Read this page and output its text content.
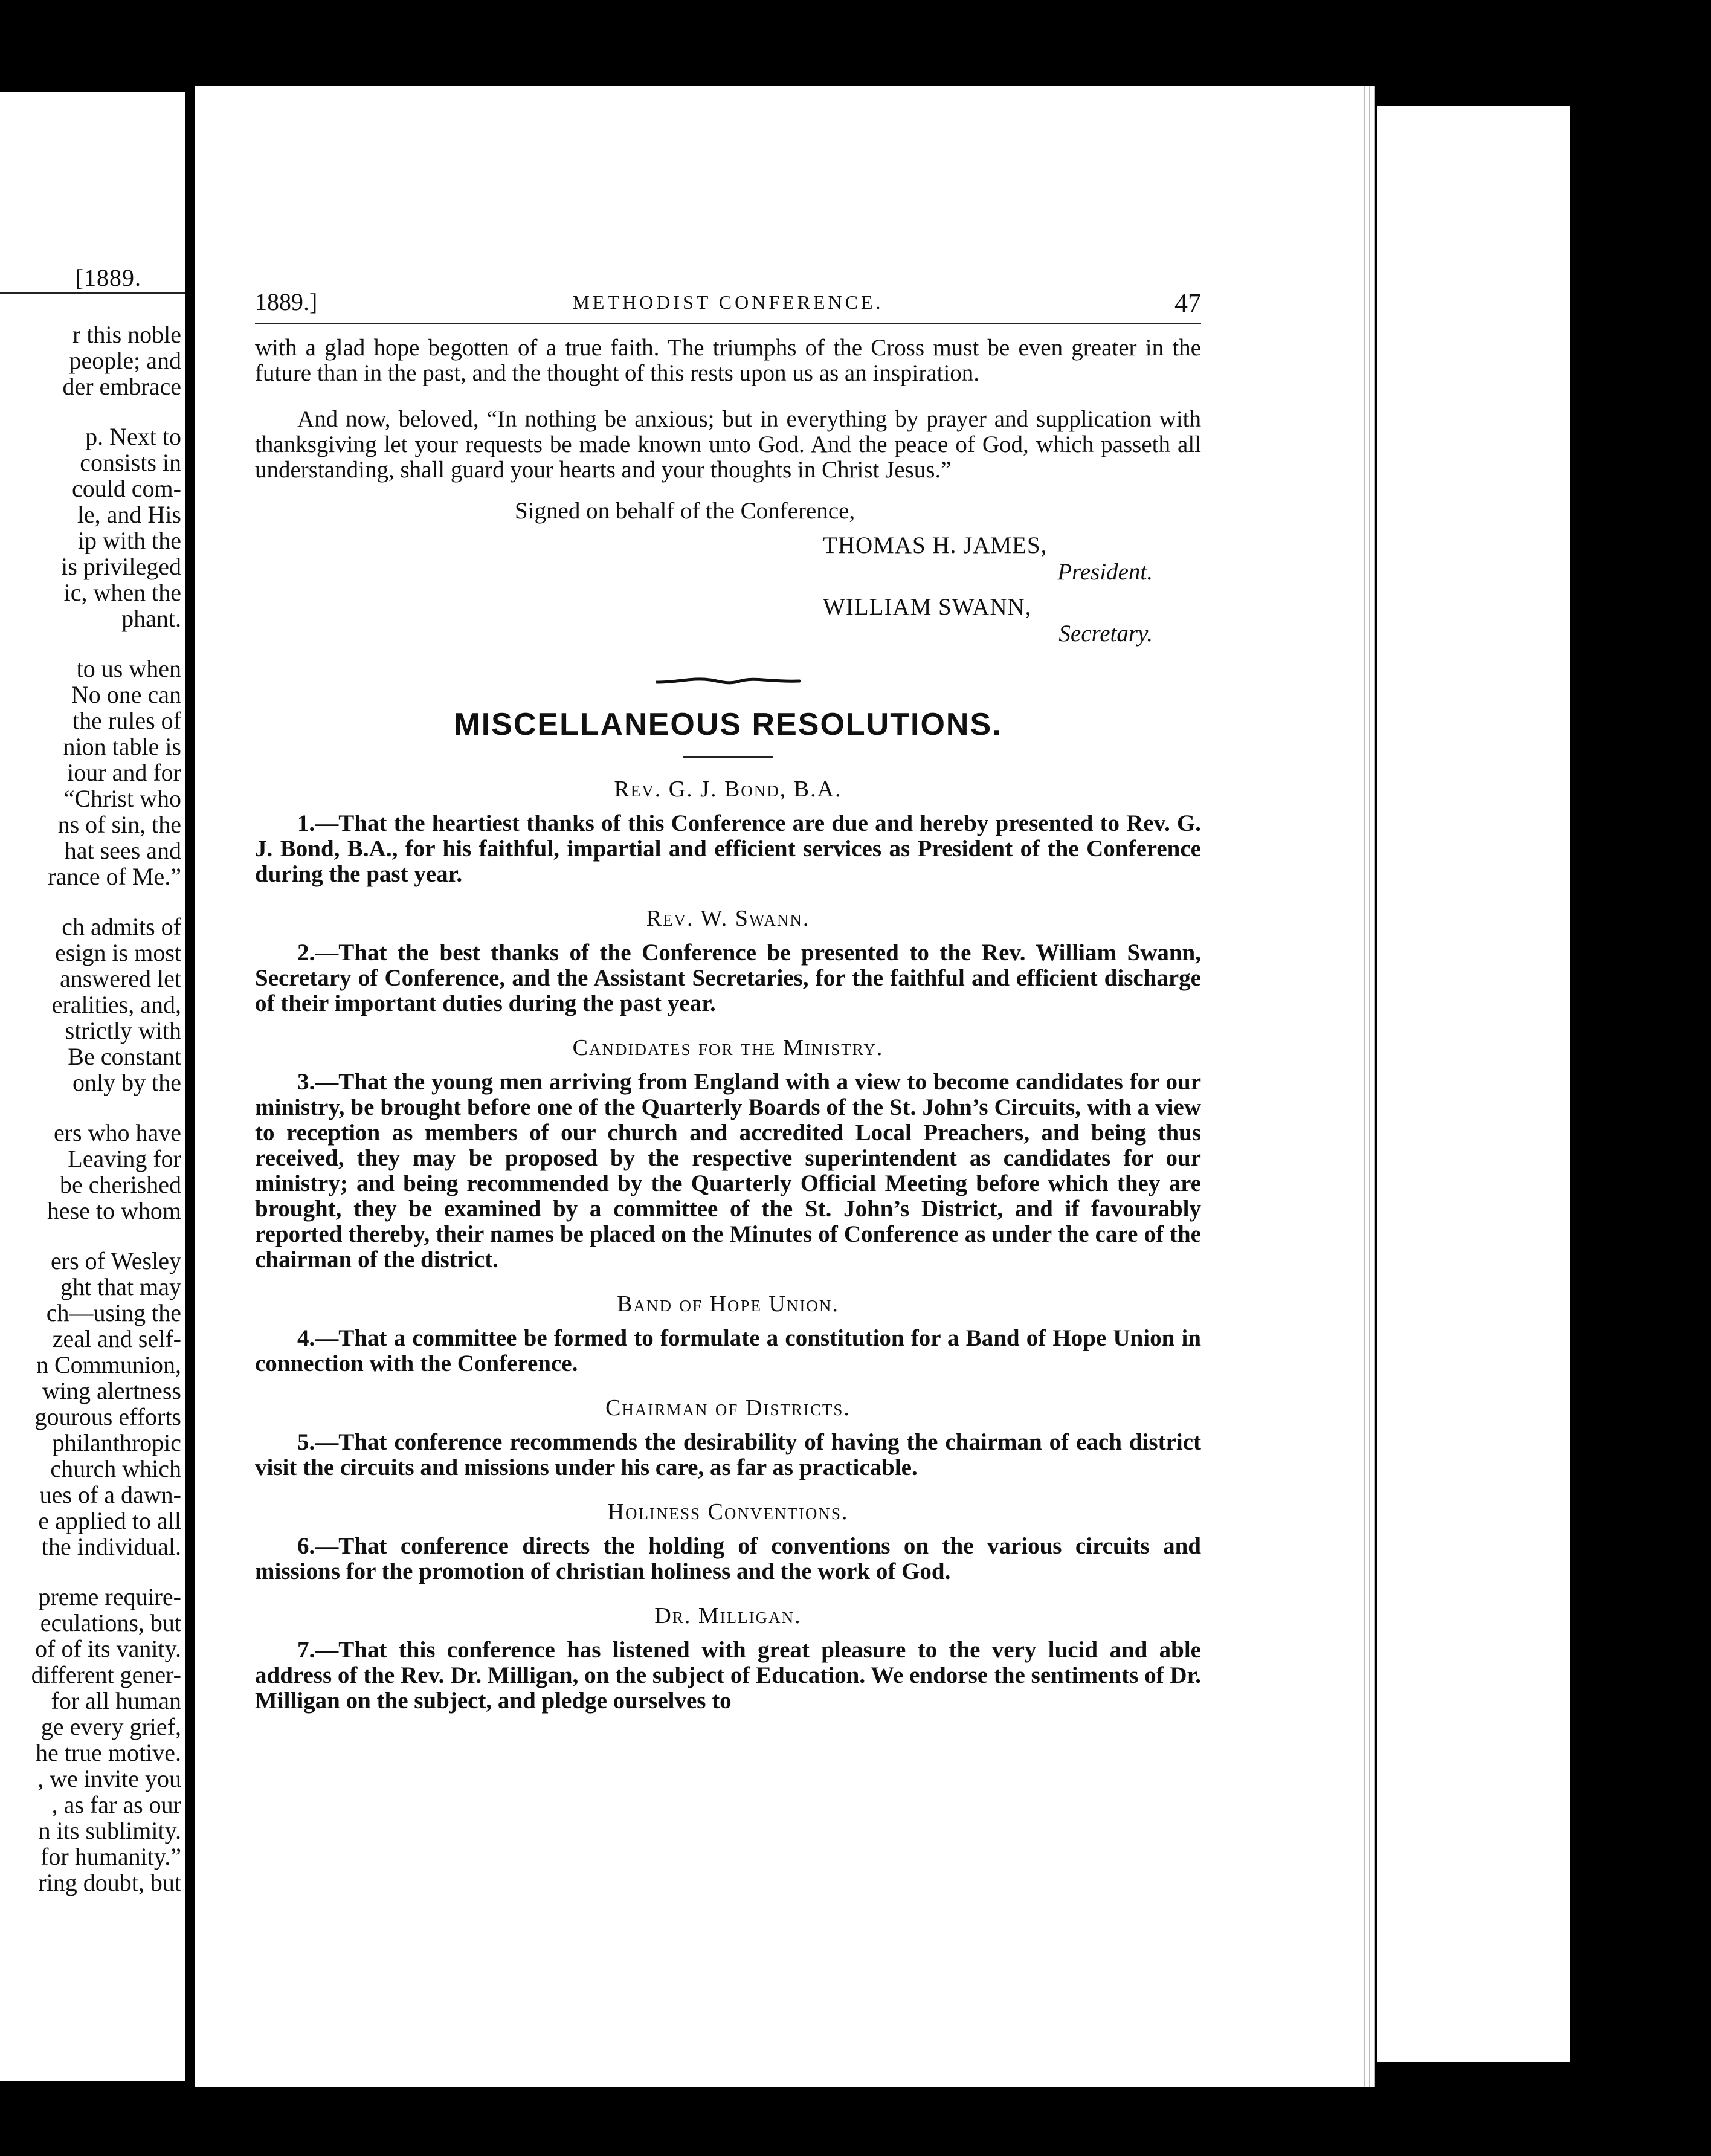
[1889.
r this noble
people; and
der embrace
p. Next to
consists in
could com-
le, and His
ip with the
is privileged
ic, when the
phant.
to us when
No one can
the rules of
nion table is
iour and for
“Christ who
ns of sin, the
hat sees and
rance of Me.”
ch admits of
esign is most
answered let
eralities, and,
strictly with
Be constant
only by the
ers who have
Leaving for
be cherished
hese to whom
ers of Wesley
ght that may
ch—using the
zeal and self-
n Communion,
wing alertness
gourous efforts
philanthropic
church which
ues of a dawn-
e applied to all
the individual.
preme require-
eculations, but
of of its vanity.
different gener-
for all human
ge every grief,
he true motive.
, we invite you
, as far as our
n its sublimity.
for humanity.”
ring doubt, but
1889.]	METHODIST CONFERENCE.	47

with a glad hope begotten of a true faith. The triumphs of the Cross must be even greater in the future than in the past, and the thought of this rests upon us as an inspiration.

And now, beloved, “In nothing be anxious; but in everything by prayer and supplication with thanksgiving let your requests be made known unto God. And the peace of God, which passeth all understanding, shall guard your hearts and your thoughts in Christ Jesus.”

Signed on behalf of the Conference,
THOMAS H. JAMES,
President.
WILLIAM SWANN,
Secretary.
MISCELLANEOUS RESOLUTIONS.
Rev. G. J. Bond, B.A.

1.—That the heartiest thanks of this Conference are due and hereby presented to Rev. G. J. Bond, B.A., for his faithful, impartial and efficient services as President of the Conference during the past year.

Rev. W. Swann.

2.—That the best thanks of the Conference be presented to the Rev. William Swann, Secretary of Conference, and the Assistant Secretaries, for the faithful and efficient discharge of their important duties during the past year.

Candidates for the Ministry.

3.—That the young men arriving from England with a view to become candidates for our ministry, be brought before one of the Quarterly Boards of the St. John’s Circuits, with a view to reception as members of our church and accredited Local Preachers, and being thus received, they may be proposed by the respective superintendent as candidates for our ministry; and being recommended by the Quarterly Official Meeting before which they are brought, they be examined by a committee of the St. John’s District, and if favourably reported thereby, their names be placed on the Minutes of Conference as under the care of the chairman of the district.

Band of Hope Union.

4.—That a committee be formed to formulate a constitution for a Band of Hope Union in connection with the Conference.

Chairman of Districts.

5.—That conference recommends the desirability of having the chairman of each district visit the circuits and missions under his care, as far as practicable.

Holiness Conventions.

6.—That conference directs the holding of conventions on the various circuits and missions for the promotion of christian holiness and the work of God.

Dr. Milligan.

7.—That this conference has listened with great pleasure to the very lucid and able address of the Rev. Dr. Milligan, on the subject of Education. We endorse the sentiments of Dr. Milligan on the subject, and pledge ourselves to
